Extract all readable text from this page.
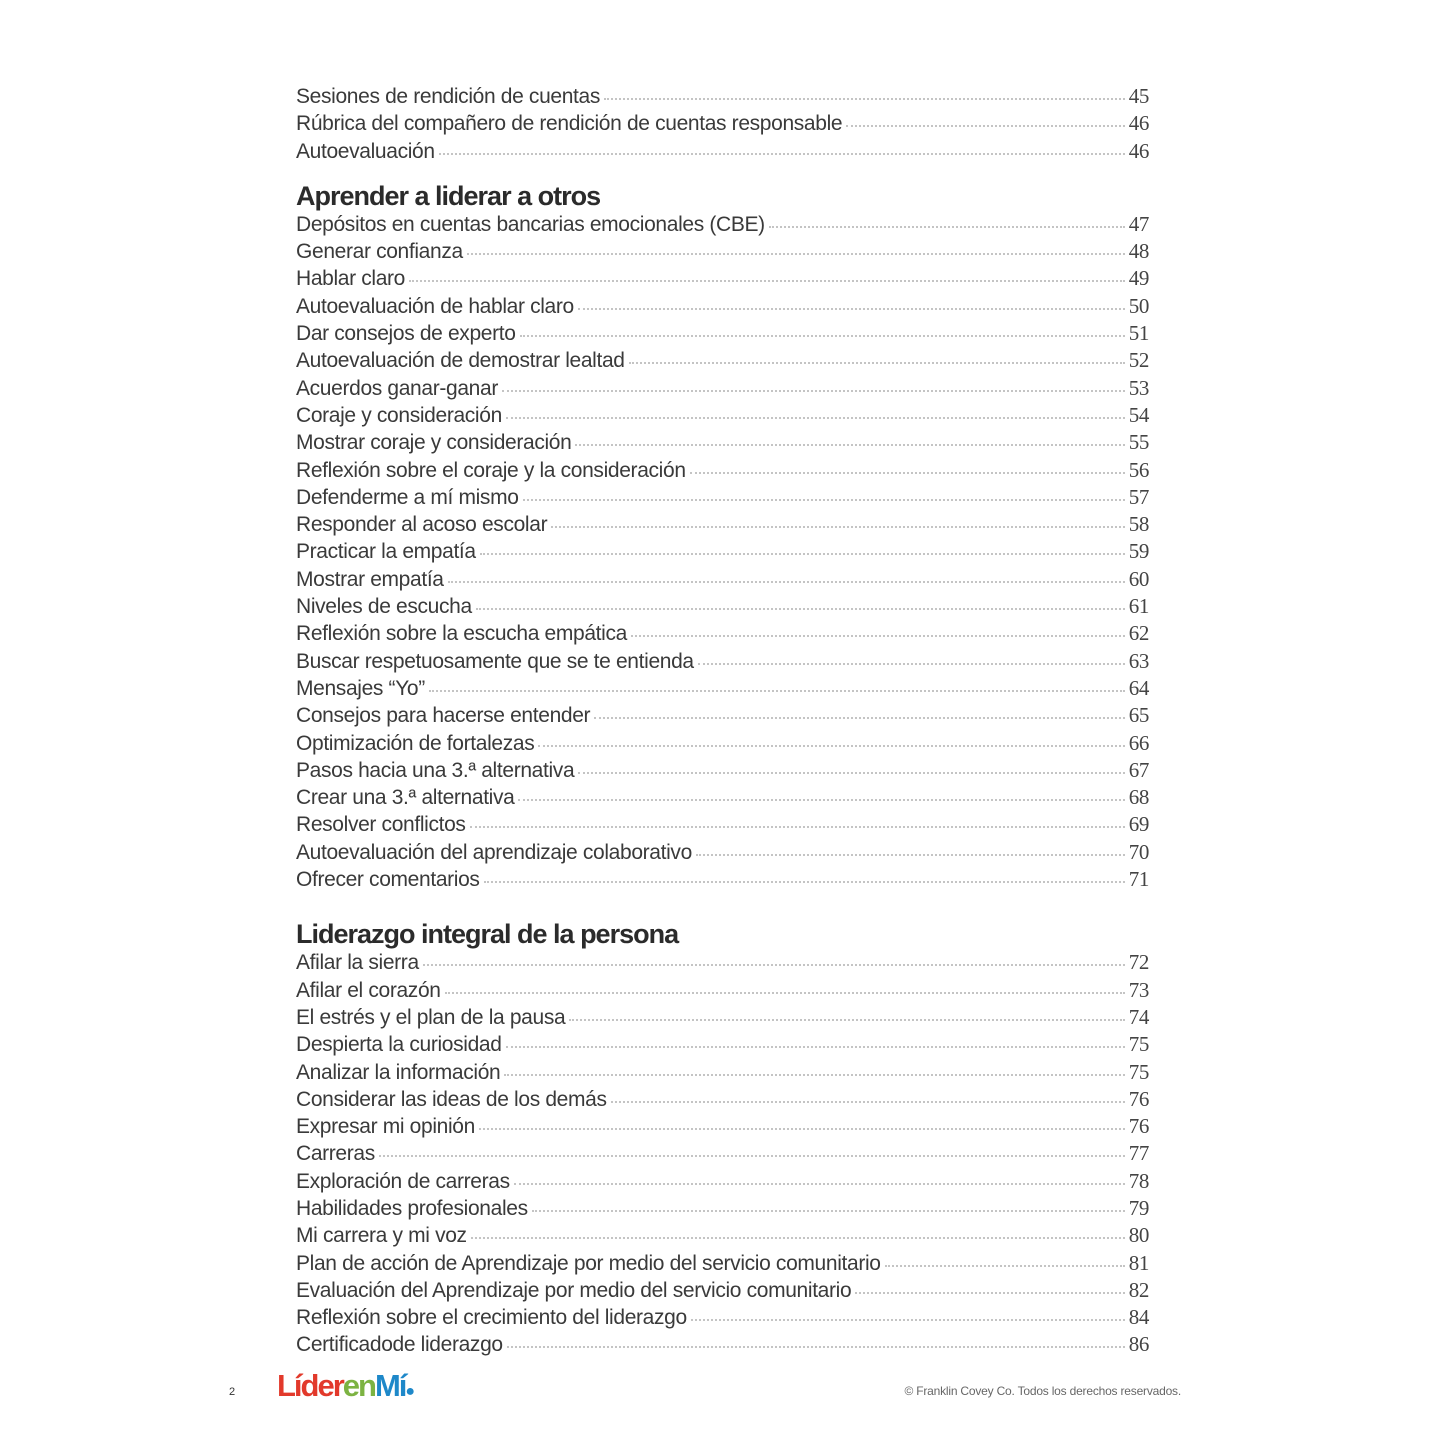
Sesiones de rendición de cuentas	45
Rúbrica del compañero de rendición de cuentas responsable	46
Autoevaluación	46
Aprender a liderar a otros
Depósitos en cuentas bancarias emocionales (CBE)	47
Generar confianza	48
Hablar claro	49
Autoevaluación de hablar claro	50
Dar consejos de experto	51
Autoevaluación de demostrar lealtad	52
Acuerdos ganar-ganar	53
Coraje y consideración	54
Mostrar coraje y consideración	55
Reflexión sobre el coraje y la consideración	56
Defenderme a mí mismo	57
Responder al acoso escolar	58
Practicar la empatía	59
Mostrar empatía	60
Niveles de escucha	61
Reflexión sobre la escucha empática	62
Buscar respetuosamente que se te entienda	63
Mensajes “Yo”	64
Consejos para hacerse entender	65
Optimización de fortalezas	66
Pasos hacia una 3.ª alternativa	67
Crear una 3.ª alternativa	68
Resolver conflictos	69
Autoevaluación del aprendizaje colaborativo	70
Ofrecer comentarios	71
Liderazgo integral de la persona
Afilar la sierra	72
Afilar el corazón	73
El estrés y el plan de la pausa	74
Despierta la curiosidad	75
Analizar la información	75
Considerar las ideas de los demás	76
Expresar mi opinión	76
Carreras	77
Exploración de carreras	78
Habilidades profesionales	79
Mi carrera y mi voz	80
Plan de acción de Aprendizaje por medio del servicio comunitario	81
Evaluación del Aprendizaje por medio del servicio comunitario	82
Reflexión sobre el crecimiento del liderazgo	84
Certificadode liderazgo	86
2 LíderenMí●	© Franklin Covey Co. Todos los derechos reservados.
